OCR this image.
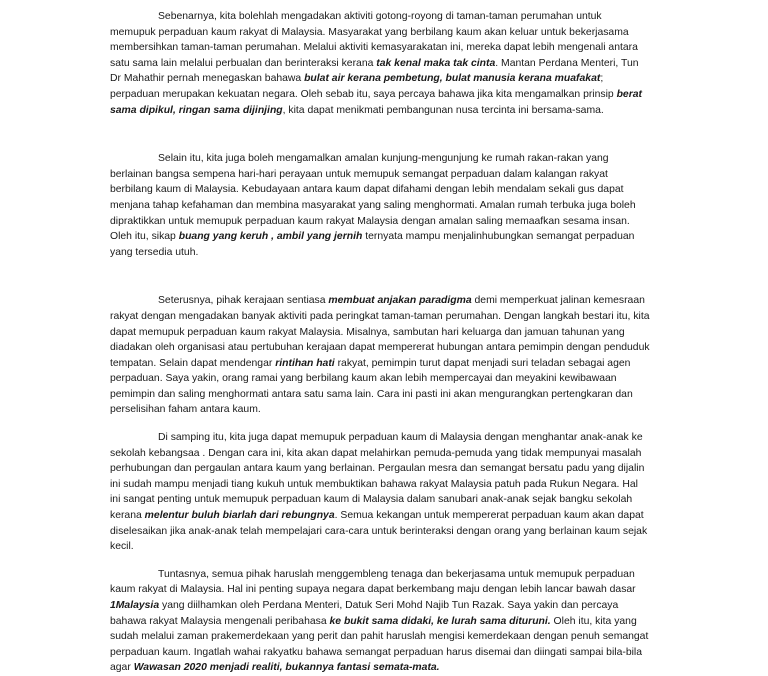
Sebenarnya, kita bolehlah mengadakan aktiviti gotong-royong di taman-taman perumahan untuk memupuk perpaduan kaum rakyat di Malaysia. Masyarakat yang berbilang kaum akan keluar untuk bekerjasama membersihkan taman-taman perumahan. Melalui aktiviti kemasyarakatan ini, mereka dapat lebih mengenali antara satu sama lain melalui perbualan dan berinteraksi kerana tak kenal maka tak cinta. Mantan Perdana Menteri, Tun Dr Mahathir pernah menegaskan bahawa bulat air kerana pembetung, bulat manusia kerana muafakat; perpaduan merupakan kekuatan negara. Oleh sebab itu, saya percaya bahawa jika kita mengamalkan prinsip berat sama dipikul, ringan sama dijinjing, kita dapat menikmati pembangunan nusa tercinta ini bersama-sama.

Selain itu, kita juga boleh mengamalkan amalan kunjung-mengunjung ke rumah rakan-rakan yang berlainan bangsa sempena hari-hari perayaan untuk memupuk semangat perpaduan dalam kalangan rakyat berbilang kaum di Malaysia. Kebudayaan antara kaum dapat difahami dengan lebih mendalam sekali gus dapat menjana tahap kefahaman dan membina masyarakat yang saling menghormati. Amalan rumah terbuka juga boleh dipraktikkan untuk memupuk perpaduan kaum rakyat Malaysia dengan amalan saling memaafkan sesama insan. Oleh itu, sikap buang yang keruh , ambil yang jernih ternyata mampu menjalinhubungkan semangat perpaduan yang tersedia utuh.

Seterusnya, pihak kerajaan sentiasa membuat anjakan paradigma demi memperkuat jalinan kemesraan rakyat dengan mengadakan banyak aktiviti pada peringkat taman-taman perumahan. Dengan langkah bestari itu, kita dapat memupuk perpaduan kaum rakyat Malaysia. Misalnya, sambutan hari keluarga dan jamuan tahunan yang diadakan oleh organisasi atau pertubuhan kerajaan dapat mempererat hubungan antara pemimpin dengan penduduk tempatan. Selain dapat mendengar rintihan hati rakyat, pemimpin turut dapat menjadi suri teladan sebagai agen perpaduan. Saya yakin, orang ramai yang berbilang kaum akan lebih mempercayai dan meyakini kewibawaan pemimpin dan saling menghormati antara satu sama lain. Cara ini pasti ini akan mengurangkan pertengkaran dan perselisihan faham antara kaum.

Di samping itu, kita juga dapat memupuk perpaduan kaum di Malaysia dengan menghantar anak-anak ke sekolah kebangsaa . Dengan cara ini, kita akan dapat melahirkan pemuda-pemuda yang tidak mempunyai masalah perhubungan dan pergaulan antara kaum yang berlainan. Pergaulan mesra dan semangat bersatu padu yang dijalin ini sudah mampu menjadi tiang kukuh untuk membuktikan bahawa rakyat Malaysia patuh pada Rukun Negara. Hal ini sangat penting untuk memupuk perpaduan kaum di Malaysia dalam sanubari anak-anak sejak bangku sekolah kerana melentur buluh biarlah dari rebungnya. Semua kekangan untuk mempererat perpaduan kaum akan dapat diselesaikan jika anak-anak telah mempelajari cara-cara untuk berinteraksi dengan orang yang berlainan kaum sejak kecil.

Tuntasnya, semua pihak haruslah menggembleng tenaga dan bekerjasama untuk memupuk perpaduan kaum rakyat di Malaysia. Hal ini penting supaya negara dapat berkembang maju dengan lebih lancar bawah dasar 1Malaysia yang diilhamkan oleh Perdana Menteri, Datuk Seri Mohd Najib Tun Razak. Saya yakin dan percaya bahawa rakyat Malaysia mengenali peribahasa ke bukit sama didaki, ke lurah sama dituruni. Oleh itu, kita yang sudah melalui zaman prakemerdekaan yang perit dan pahit haruslah mengisi kemerdekaan dengan penuh semangat perpaduan kaum. Ingatlah wahai rakyatku bahawa semangat perpaduan harus disemai dan diingati sampai bila-bila agar Wawasan 2020 menjadi realiti, bukannya fantasi semata-mata.
